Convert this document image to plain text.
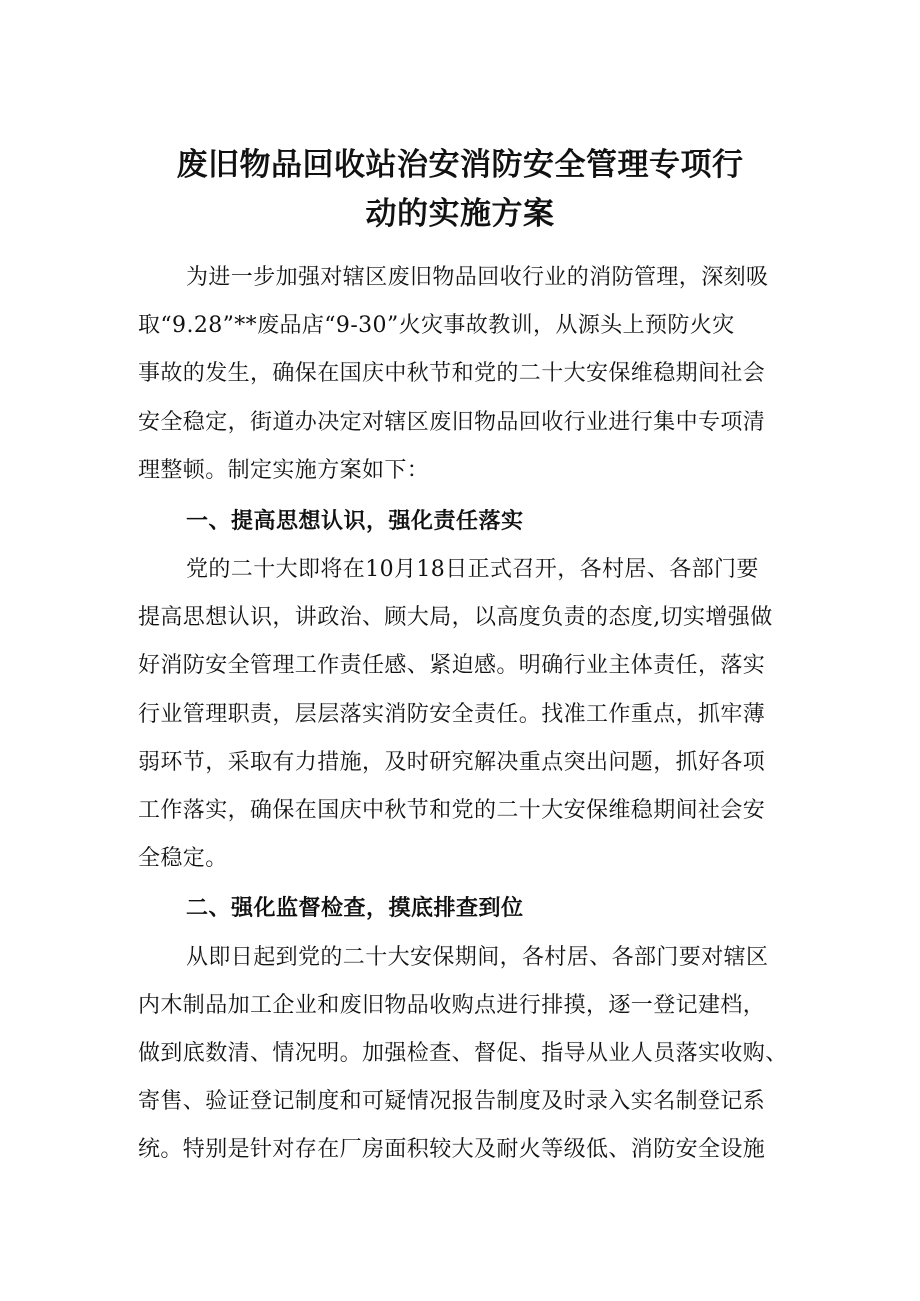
废旧物品回收站治安消防安全管理专项行
动的实施方案

为进一步加强对辖区废旧物品回收行业的消防管理，深刻吸

取“9.28”**废品店“9-30”火灾事故教训，从源头上预防火灾

事故的发生，确保在国庆中秋节和党的二十大安保维稳期间社会

安全稳定，街道办决定对辖区废旧物品回收行业进行集中专项清

理整顿。制定实施方案如下：

一、提高思想认识，强化责任落实

党的二十大即将在10月18日正式召开，各村居、各部门要

提高思想认识，讲政治、顾大局，以高度负责的态度,切实增强做

好消防安全管理工作责任感、紧迫感。明确行业主体责任，落实

行业管理职责，层层落实消防安全责任。找准工作重点，抓牢薄

弱环节，采取有力措施，及时研究解决重点突出问题，抓好各项

工作落实，确保在国庆中秋节和党的二十大安保维稳期间社会安

全稳定。

二、强化监督检查，摸底排查到位

从即日起到党的二十大安保期间，各村居、各部门要对辖区

内木制品加工企业和废旧物品收购点进行排摸，逐一登记建档，

做到底数清、情况明。加强检查、督促、指导从业人员落实收购、

寄售、验证登记制度和可疑情况报告制度及时录入实名制登记系

统。特别是针对存在厂房面积较大及耐火等级低、消防安全设施
